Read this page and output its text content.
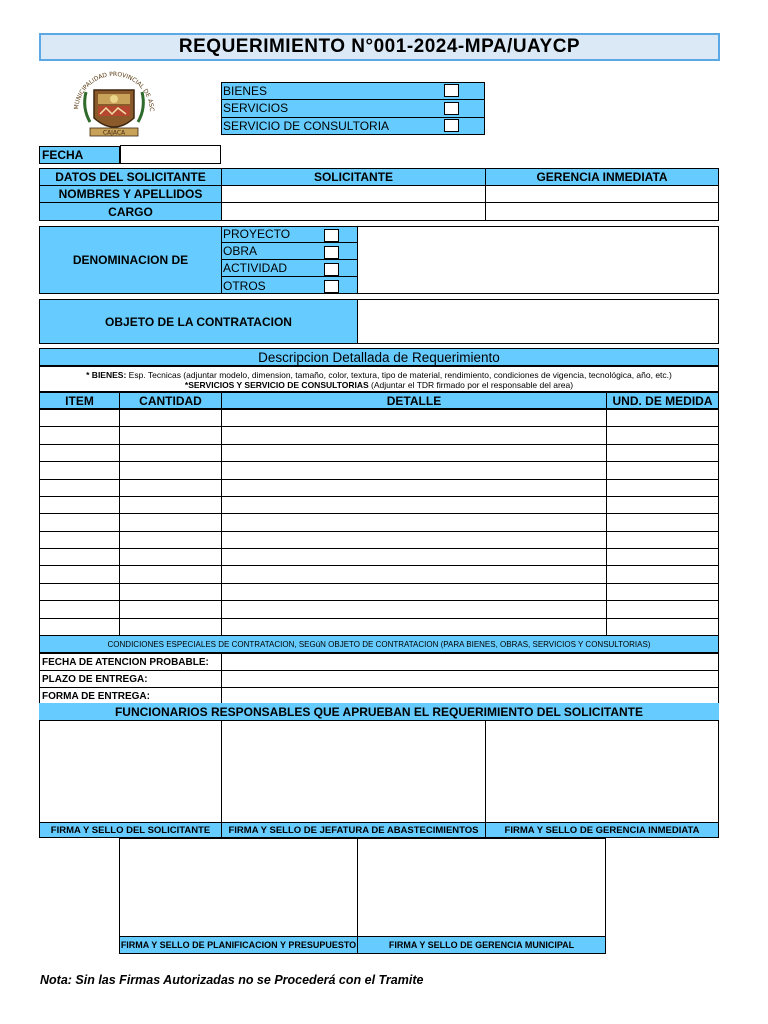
REQUERIMIENTO N°001-2024-MPA/UAYCP
MUNICIPALIDAD PROVINCIAL DE ASC
CAJACA
BIENES
SERVICIOS
SERVICIO DE CONSULTORIA
FECHA
DATOS DEL SOLICITANTE	SOLICITANTE	GERENCIA INMEDIATA
NOMBRES Y APELLIDOS
CARGO
DENOMINACION DE
PROYECTO
OBRA
ACTIVIDAD
OTROS
OBJETO DE LA CONTRATACION
Descripcion Detallada de Requerimiento
* BIENES: Esp. Tecnicas (adjuntar modelo, dimension, tamaño, color, textura, tipo de material, rendimiento, condiciones de vigencia, tecnológica, año, etc.)
*SERVICIOS Y SERVICIO DE CONSULTORIAS (Adjuntar el TDR firmado por el responsable del area)
ITEM	CANTIDAD	DETALLE	UND. DE MEDIDA
CONDICIONES ESPECIALES DE CONTRATACION, SEGúN OBJETO DE CONTRATACION (PARA BIENES, OBRAS, SERVICIOS Y CONSULTORIAS)
FECHA DE ATENCION PROBABLE:
PLAZO DE ENTREGA:
FORMA DE ENTREGA:
FUNCIONARIOS RESPONSABLES QUE APRUEBAN EL REQUERIMIENTO DEL SOLICITANTE
FIRMA Y SELLO DEL SOLICITANTE	FIRMA Y SELLO DE JEFATURA DE ABASTECIMIENTOS	FIRMA Y SELLO DE GERENCIA INMEDIATA
FIRMA Y SELLO DE PLANIFICACION Y PRESUPUESTO	FIRMA Y SELLO DE GERENCIA MUNICIPAL
Nota: Sin las Firmas Autorizadas no se Procederá con el Tramite
